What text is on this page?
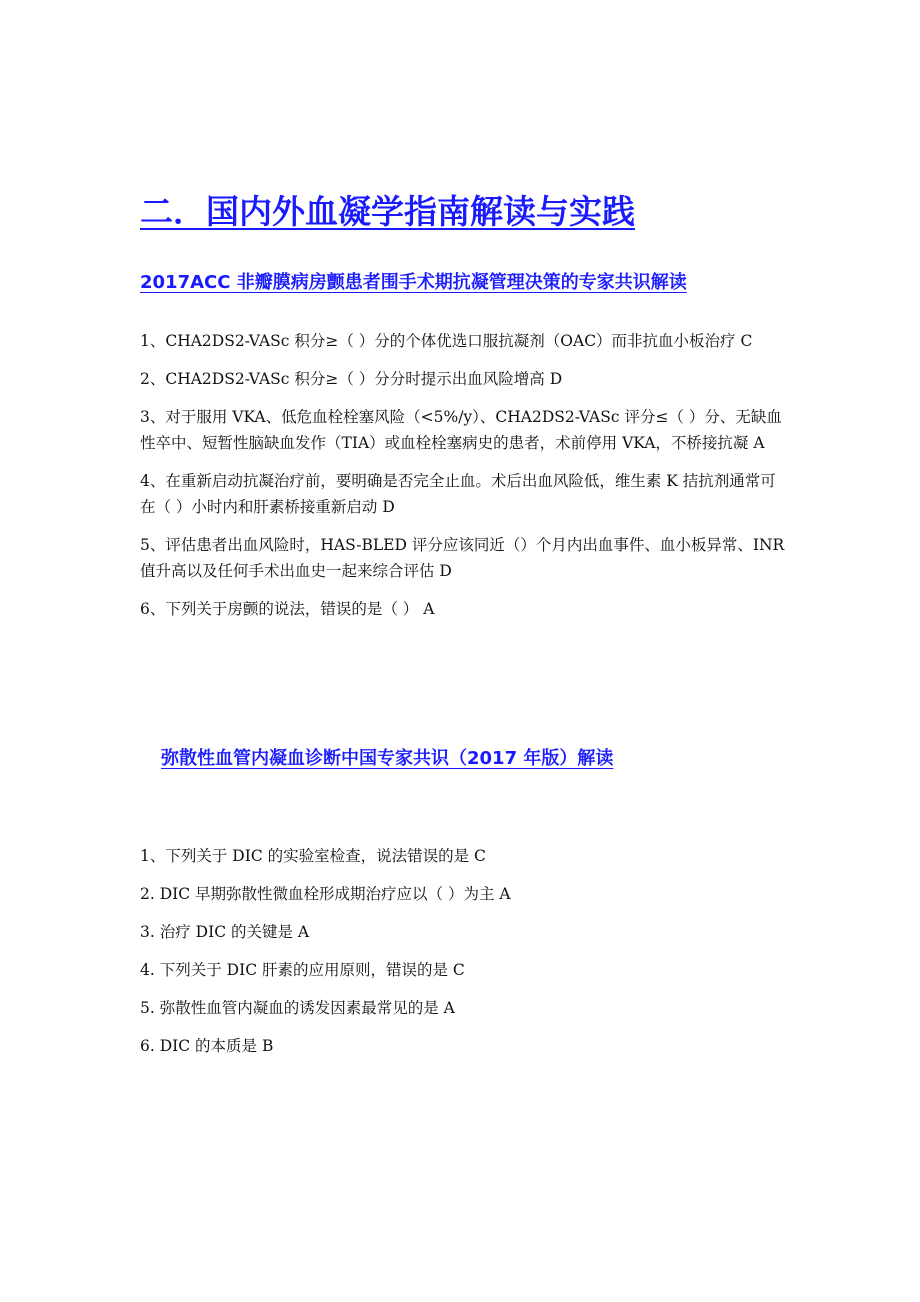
二．国内外血凝学指南解读与实践
2017ACC 非瓣膜病房颤患者围手术期抗凝管理决策的专家共识解读
1、CHA2DS2-VASc 积分≥（ ）分的个体优选口服抗凝剂（OAC）而非抗血小板治疗 C
2、CHA2DS2-VASc 积分≥（ ）分分时提示出血风险增高 D
3、对于服用 VKA、低危血栓栓塞风险（<5%/y）、CHA2DS2-VASc 评分≤（ ）分、无缺血性卒中、短暂性脑缺血发作（TIA）或血栓栓塞病史的患者，术前停用 VKA，不桥接抗凝 A
4、在重新启动抗凝治疗前，要明确是否完全止血。术后出血风险低，维生素 K 拮抗剂通常可在（ ）小时内和肝素桥接重新启动 D
5、评估患者出血风险时，HAS-BLED 评分应该同近（）个月内出血事件、血小板异常、INR 值升高以及任何手术出血史一起来综合评估 D
6、下列关于房颤的说法，错误的是（ ） A
弥散性血管内凝血诊断中国专家共识（2017 年版）解读
1、下列关于 DIC 的实验室检查，说法错误的是 C
2. DIC 早期弥散性微血栓形成期治疗应以（ ）为主 A
3. 治疗 DIC 的关键是 A
4. 下列关于 DIC 肝素的应用原则，错误的是 C
5. 弥散性血管内凝血的诱发因素最常见的是 A
6. DIC 的本质是 B
